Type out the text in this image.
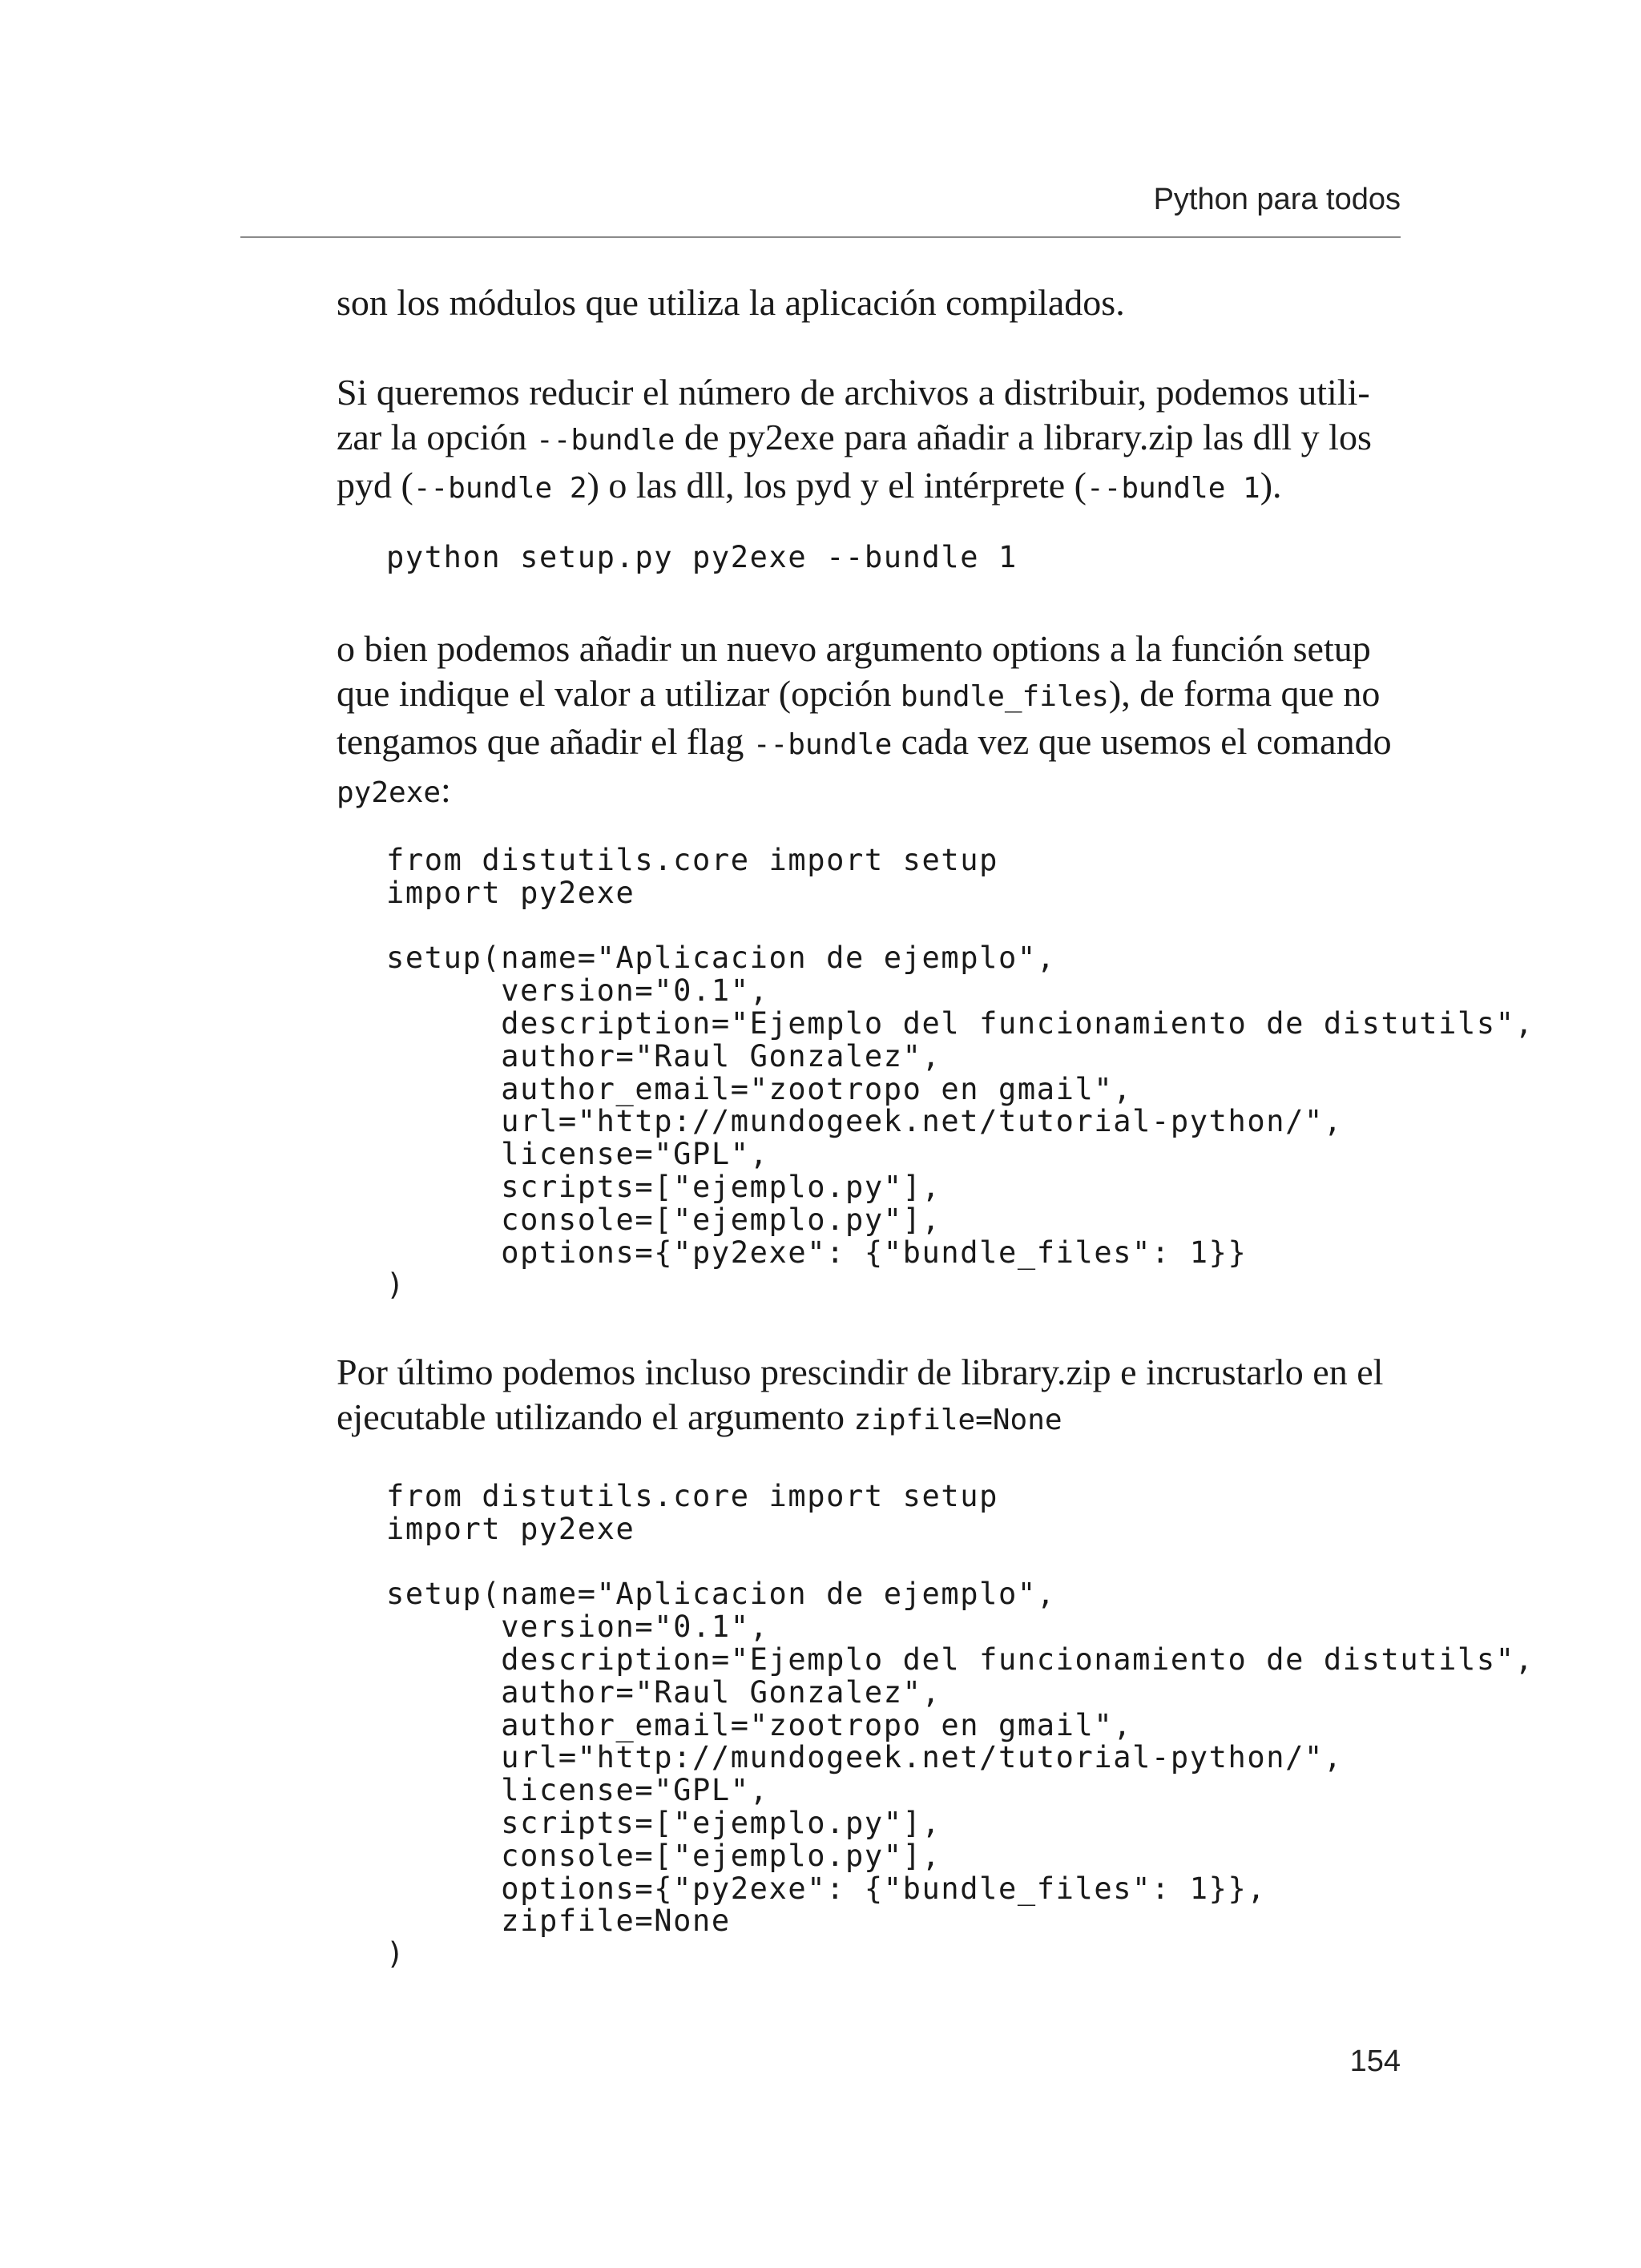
Python para todos

son los módulos que utiliza la aplicación compilados.

Si queremos reducir el número de archivos a distribuir, podemos utili-
zar la opción --bundle de py2exe para añadir a library.zip las dll y los
pyd (--bundle 2) o las dll, los pyd y el intérprete (--bundle 1).

python setup.py py2exe --bundle 1

o bien podemos añadir un nuevo argumento options a la función setup
que indique el valor a utilizar (opción bundle_files), de forma que no
tengamos que añadir el flag --bundle cada vez que usemos el comando
py2exe:

from distutils.core import setup
import py2exe

setup(name="Aplicacion de ejemplo",
version="0.1",
description="Ejemplo del funcionamiento de distutils",
author="Raul Gonzalez",
author_email="zootropo en gmail",
url="http://mundogeek.net/tutorial-python/",
license="GPL",
scripts=["ejemplo.py"],
console=["ejemplo.py"],
options={"py2exe": {"bundle_files": 1}}
)

Por último podemos incluso prescindir de library.zip e incrustarlo en el
ejecutable utilizando el argumento zipfile=None

from distutils.core import setup
import py2exe

setup(name="Aplicacion de ejemplo",
version="0.1",
description="Ejemplo del funcionamiento de distutils",
author="Raul Gonzalez",
author_email="zootropo en gmail",
url="http://mundogeek.net/tutorial-python/",
license="GPL",
scripts=["ejemplo.py"],
console=["ejemplo.py"],
options={"py2exe": {"bundle_files": 1}},
zipfile=None
)
154
